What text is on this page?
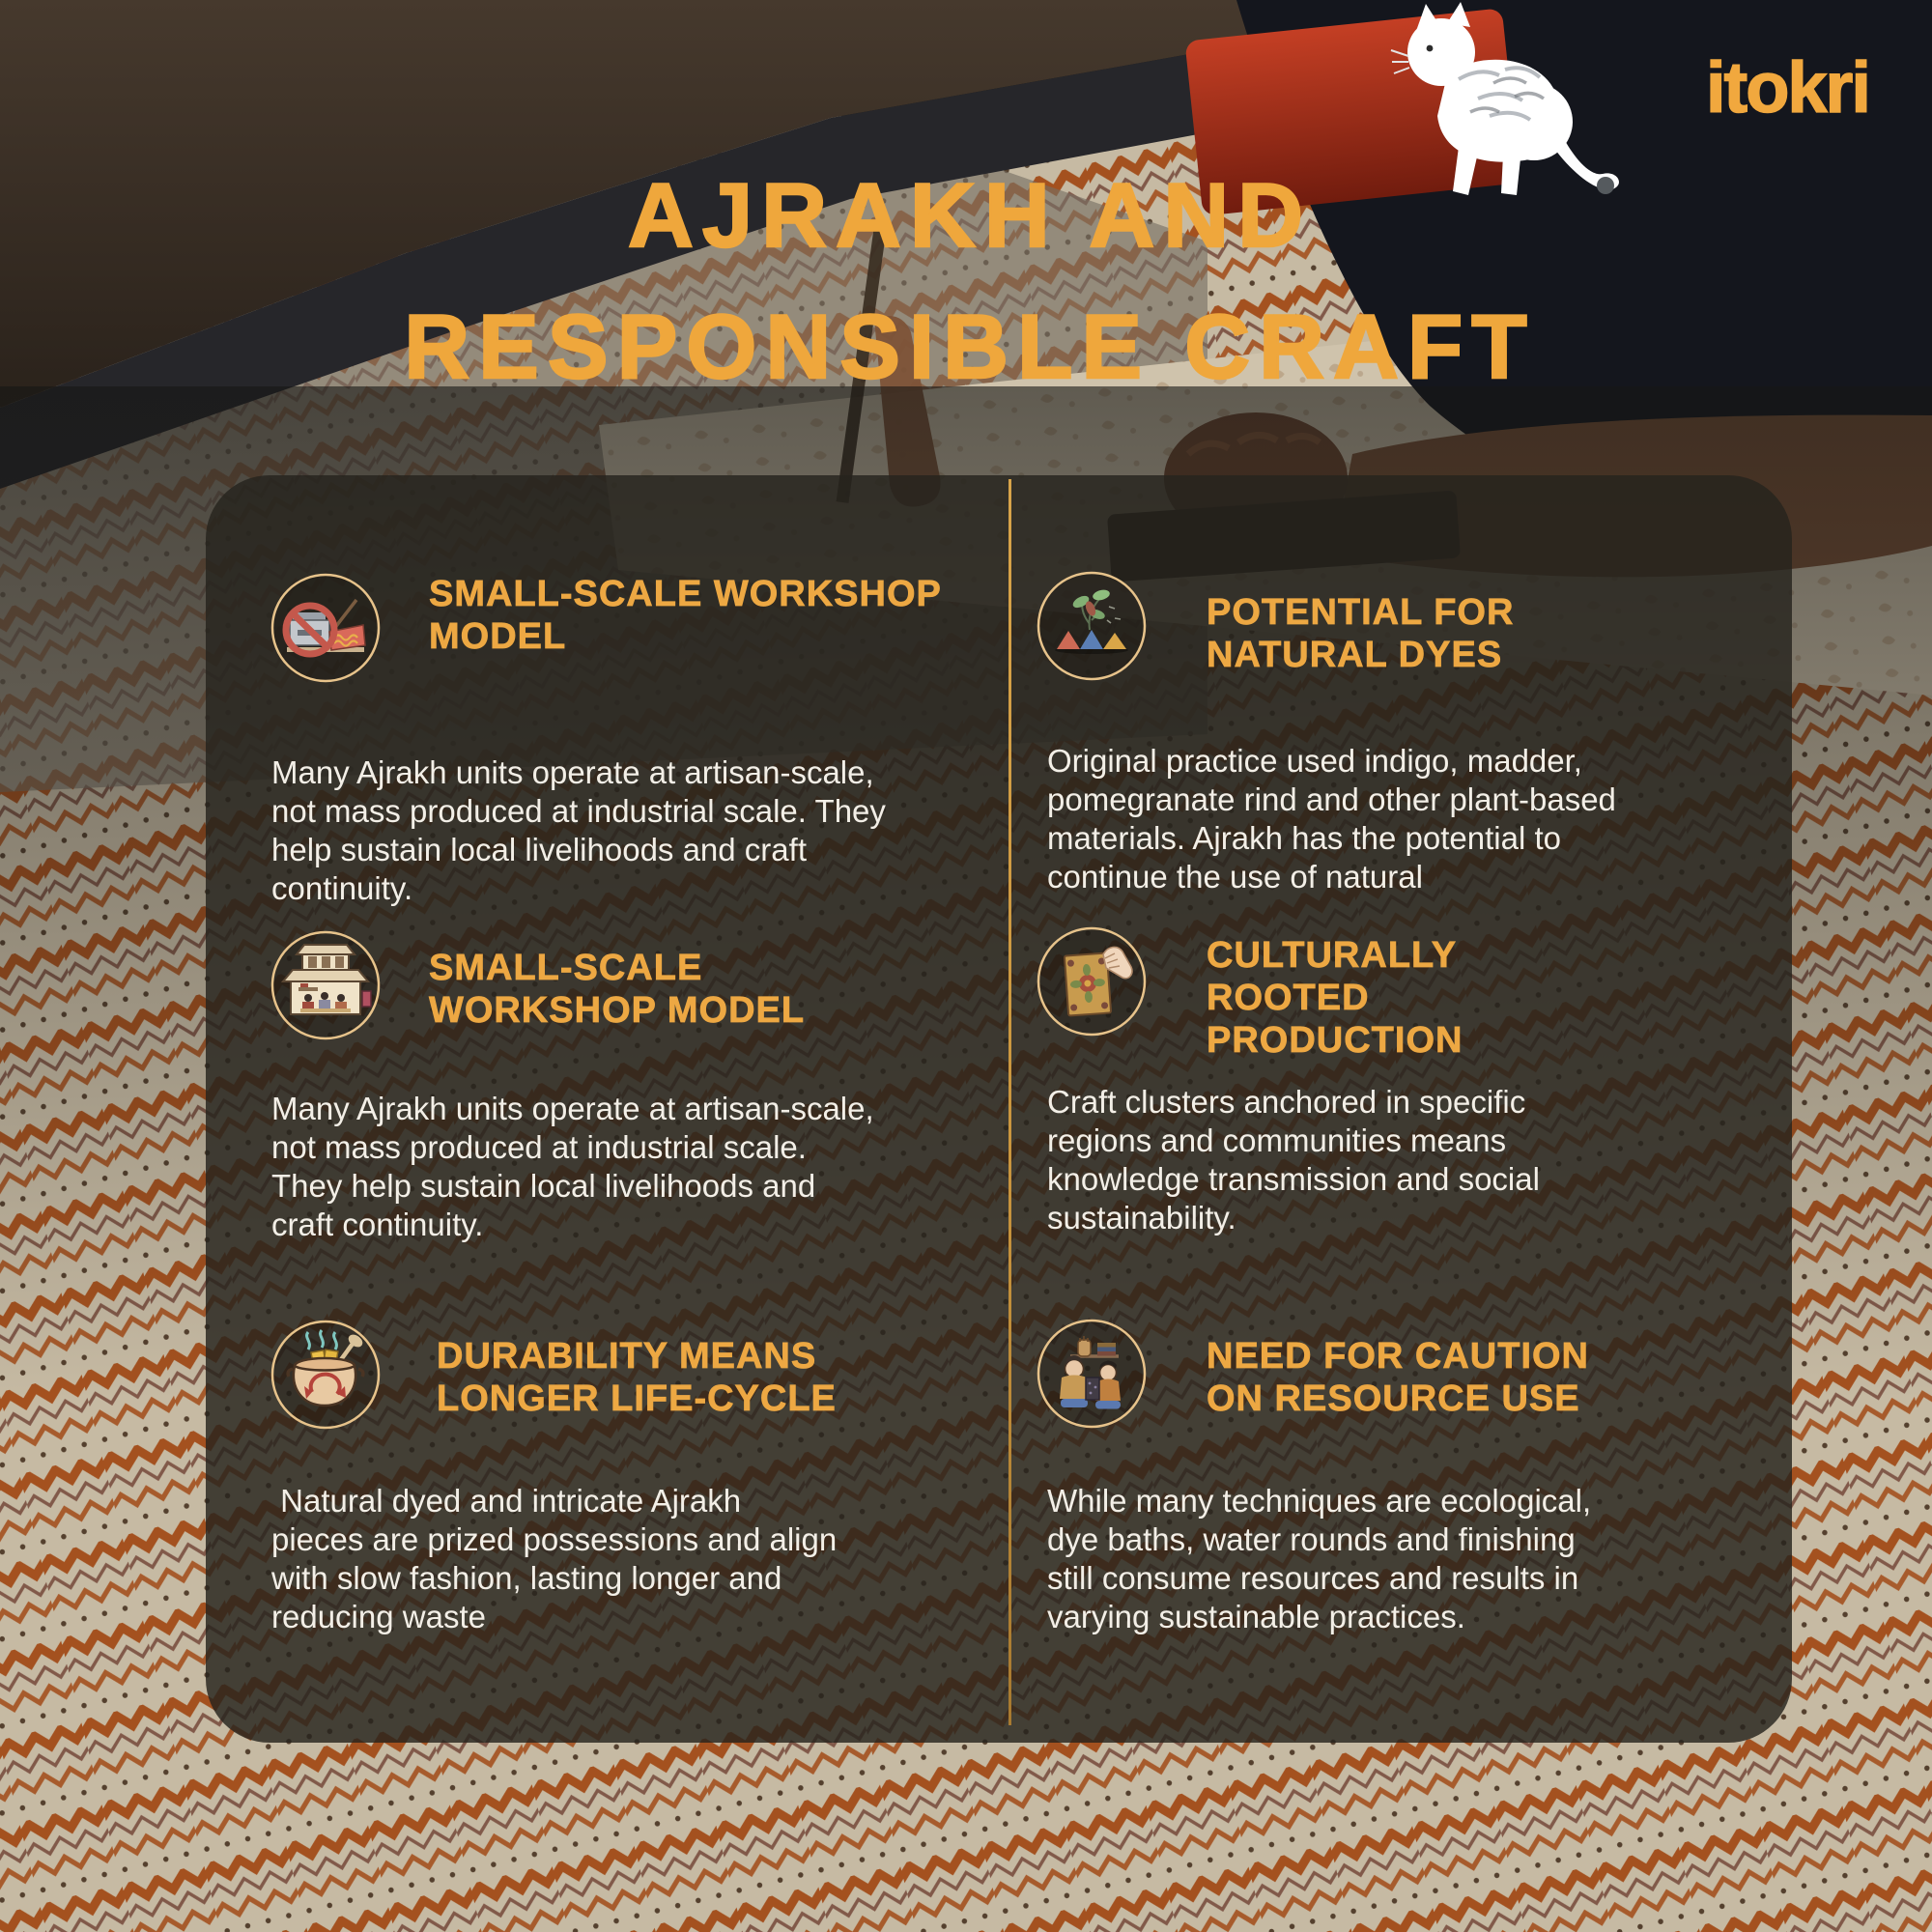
itokri
AJRAKH AND
RESPONSIBLE CRAFT
SMALL-SCALE WORKSHOP
MODEL
Many Ajrakh units operate at artisan-scale,
not mass produced at industrial scale. They
help sustain local livelihoods and craft
continuity.
POTENTIAL FOR
NATURAL DYES
Original practice used indigo, madder,
pomegranate rind and other plant-based
materials. Ajrakh has the potential to
continue the use of natural
SMALL-SCALE
WORKSHOP MODEL
Many Ajrakh units operate at artisan-scale,
not mass produced at industrial scale.
They help sustain local livelihoods and
craft continuity.
CULTURALLY
ROOTED
PRODUCTION
Craft clusters anchored in specific
regions and communities means
knowledge transmission and social
sustainability.
DURABILITY MEANS
LONGER LIFE-CYCLE
Natural dyed and intricate Ajrakh
pieces are prized possessions and align
with slow fashion, lasting longer and
reducing waste
NEED FOR CAUTION
ON RESOURCE USE
While many techniques are ecological,
dye baths, water rounds and finishing
still consume resources and results in
varying sustainable practices.
